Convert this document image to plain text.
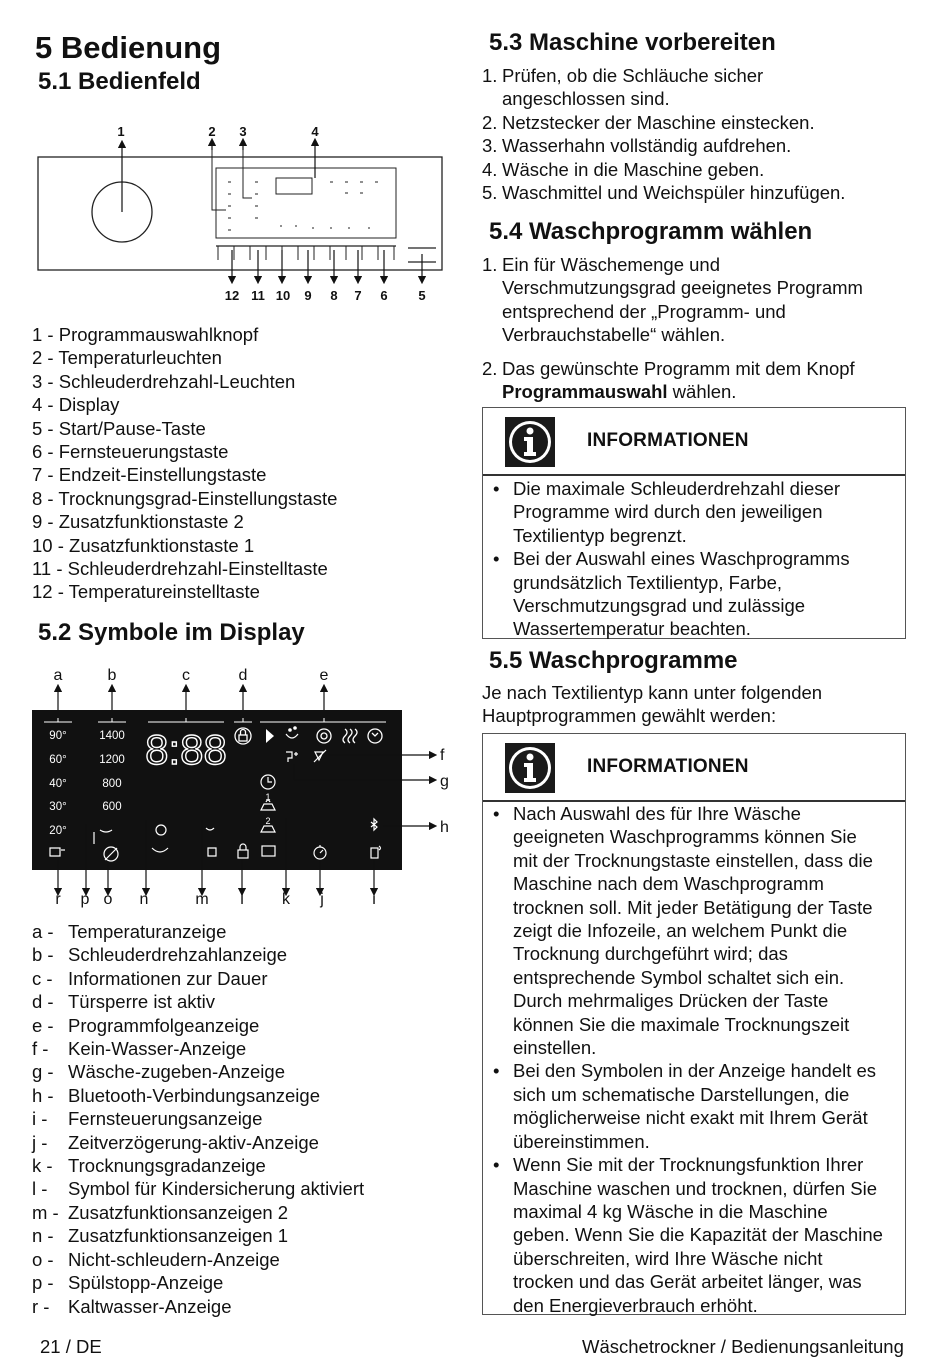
5 Bedienung
5.1 Bedienfeld
1	2 3	4
12 11 10 9 8 7 6 5
1 - Programmauswahlknopf
2 - Temperaturleuchten
3 - Schleuderdrehzahl-Leuchten
4 - Display
5 - Start/Pause-Taste
6 - Fernsteuerungstaste
7 - Endzeit-Einstellungstaste
8 - Trocknungsgrad-Einstellungstaste
9 - Zusatzfunktionstaste 2
10 - Zusatzfunktionstaste 1
11 - Schleuderdrehzahl-Einstelltaste
12 - Temperatureinstelltaste
5.2 Symbole im Display
a	b	c	d	e
90°
60°
40°
30°
20°
1400
1200
800
600
8:88
1
2
f
g
h
r p o n	m l k j	i
a - Temperaturanzeige
b - Schleuderdrehzahlanzeige
c - Informationen zur Dauer
d - Türsperre ist aktiv
e - Programmfolgeanzeige
f - Kein-Wasser-Anzeige
g - Wäsche-zugeben-Anzeige
h - Bluetooth-Verbindungsanzeige
i - Fernsteuerungsanzeige
j - Zeitverzögerung-aktiv-Anzeige
k - Trocknungsgradanzeige
l - Symbol für Kindersicherung aktiviert
m - Zusatzfunktionsanzeigen 2
n - Zusatzfunktionsanzeigen 1
o - Nicht-schleudern-Anzeige
p - Spülstopp-Anzeige
r - Kaltwasser-Anzeige
5.3 Maschine vorbereiten
1. Prüfen, ob die Schläuche sicher angeschlossen sind.
2. Netzstecker der Maschine einstecken.
3. Wasserhahn vollständig aufdrehen.
4. Wäsche in die Maschine geben.
5. Waschmittel und Weichspüler hinzufügen.
5.4 Waschprogramm wählen
1. Ein für Wäschemenge und Verschmutzungsgrad geeignetes Programm entsprechend der „Programm- und Verbrauchstabelle“ wählen.
2. Das gewünschte Programm mit dem Knopf Programmauswahl wählen.
INFORMATIONEN
• Die maximale Schleuderdrehzahl dieser Programme wird durch den jeweiligen Textilientyp begrenzt.
• Bei der Auswahl eines Waschprogramms grundsätzlich Textilientyp, Farbe, Verschmutzungsgrad und zulässige Wassertemperatur beachten.
5.5 Waschprogramme

Je nach Textilientyp kann unter folgenden Hauptprogrammen gewählt werden:

INFORMATIONEN
• Nach Auswahl des für Ihre Wäsche geeigneten Waschprogramms können Sie mit der Trocknungstaste einstellen, dass die Maschine nach dem Waschprogramm trocknen soll. Mit jeder Betätigung der Taste zeigt die Infozeile, an welchem Punkt die Trocknung durchgeführt wird; das entsprechende Symbol schaltet sich ein. Durch mehrmaliges Drücken der Taste können Sie die maximale Trocknungszeit einstellen.
• Bei den Symbolen in der Anzeige handelt es sich um schematische Darstellungen, die möglicherweise nicht exakt mit Ihrem Gerät übereinstimmen.
• Wenn Sie mit der Trocknungsfunktion Ihrer Maschine waschen und trocknen, dürfen Sie maximal 4 kg Wäsche in die Maschine geben. Wenn Sie die Kapazität der Maschine überschreiten, wird Ihre Wäsche nicht trocken und das Gerät arbeitet länger, was den Energieverbrauch erhöht.
21 / DE	Wäschetrockner / Bedienungsanleitung
